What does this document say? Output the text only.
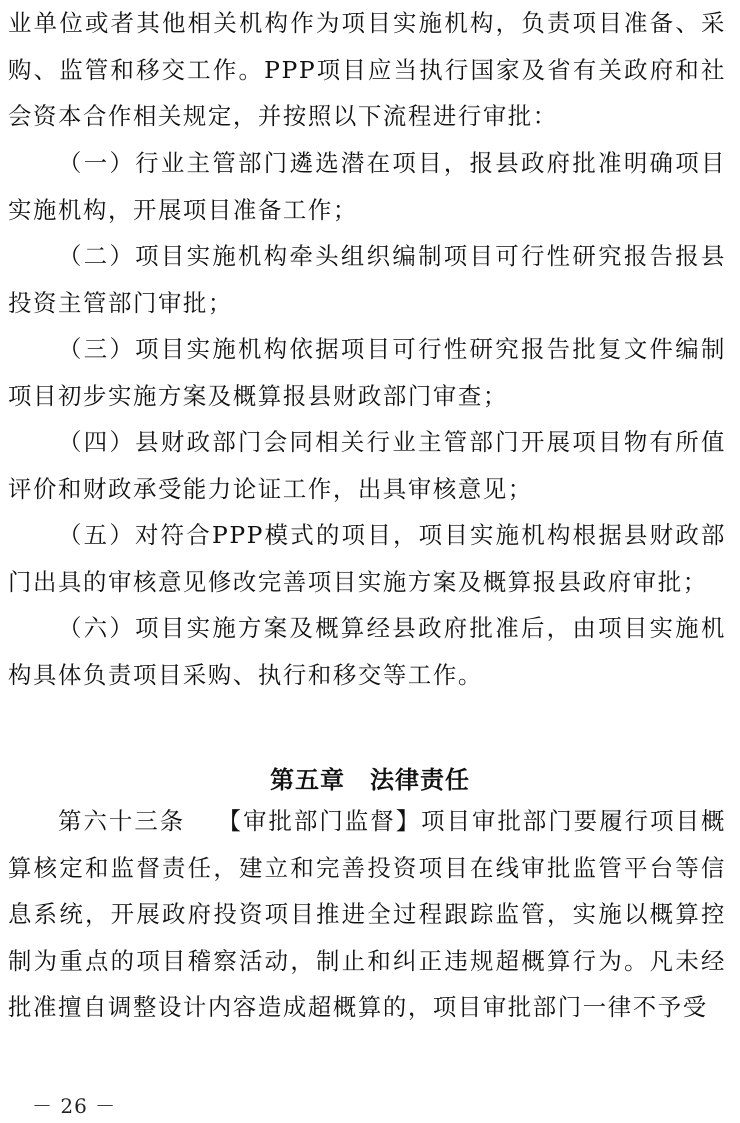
业单位或者其他相关机构作为项目实施机构，负责项目准备、采购、监管和移交工作。PPP项目应当执行国家及省有关政府和社会资本合作相关规定，并按照以下流程进行审批：

（一）行业主管部门遴选潜在项目，报县政府批准明确项目实施机构，开展项目准备工作；

（二）项目实施机构牵头组织编制项目可行性研究报告报县投资主管部门审批；

（三）项目实施机构依据项目可行性研究报告批复文件编制项目初步实施方案及概算报县财政部门审查；

（四）县财政部门会同相关行业主管部门开展项目物有所值评价和财政承受能力论证工作，出具审核意见；

（五）对符合PPP模式的项目，项目实施机构根据县财政部门出具的审核意见修改完善项目实施方案及概算报县政府审批；

（六）项目实施方案及概算经县政府批准后，由项目实施机构具体负责项目采购、执行和移交等工作。

第五章　法律责任

第六十三条 【审批部门监督】项目审批部门要履行项目概算核定和监督责任，建立和完善投资项目在线审批监管平台等信息系统，开展政府投资项目推进全过程跟踪监管，实施以概算控制为重点的项目稽察活动，制止和纠正违规超概算行为。凡未经批准擅自调整设计内容造成超概算的，项目审批部门一律不予受

－ 26 －
